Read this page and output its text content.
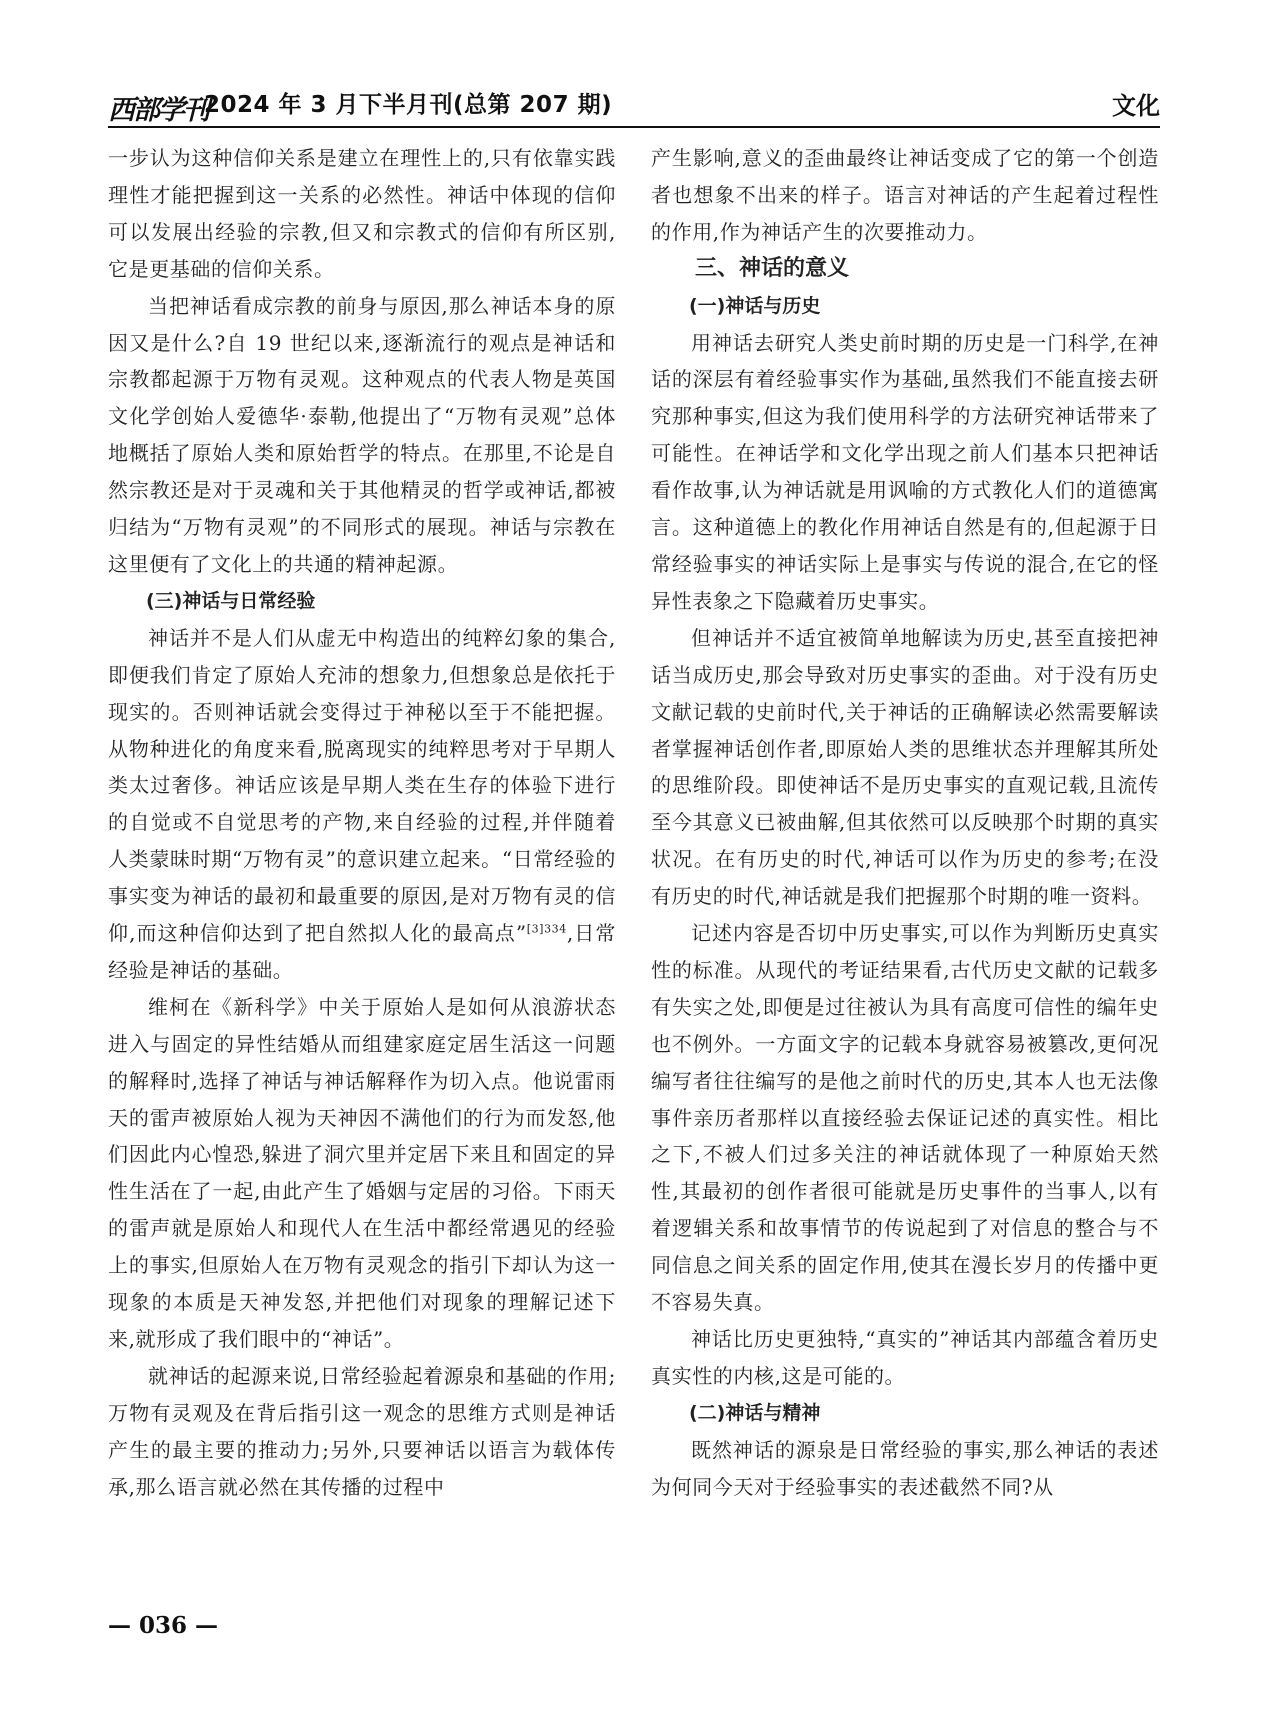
西部学刊
2024 年 3 月下半月刊(总第 207 期)	文化

一步认为这种信仰关系是建立在理性上的,只有依靠实践理性才能把握到这一关系的必然性。神话中体现的信仰可以发展出经验的宗教,但又和宗教式的信仰有所区别,它是更基础的信仰关系。

当把神话看成宗教的前身与原因,那么神话本身的原因又是什么?自 19 世纪以来,逐渐流行的观点是神话和宗教都起源于万物有灵观。这种观点的代表人物是英国文化学创始人爱德华·泰勒,他提出了“万物有灵观”总体地概括了原始人类和原始哲学的特点。在那里,不论是自然宗教还是对于灵魂和关于其他精灵的哲学或神话,都被归结为“万物有灵观”的不同形式的展现。神话与宗教在这里便有了文化上的共通的精神起源。

(三)神话与日常经验

神话并不是人们从虚无中构造出的纯粹幻象的集合,即便我们肯定了原始人充沛的想象力,但想象总是依托于现实的。否则神话就会变得过于神秘以至于不能把握。从物种进化的角度来看,脱离现实的纯粹思考对于早期人类太过奢侈。神话应该是早期人类在生存的体验下进行的自觉或不自觉思考的产物,来自经验的过程,并伴随着人类蒙昧时期“万物有灵”的意识建立起来。“日常经验的事实变为神话的最初和最重要的原因,是对万物有灵的信仰,而这种信仰达到了把自然拟人化的最高点”$^{[3]334}$,日常经验是神话的基础。

维柯在《新科学》中关于原始人是如何从浪游状态进入与固定的异性结婚从而组建家庭定居生活这一问题的解释时,选择了神话与神话解释作为切入点。他说雷雨天的雷声被原始人视为天神因不满他们的行为而发怒,他们因此内心惶恐,躲进了洞穴里并定居下来且和固定的异性生活在了一起,由此产生了婚姻与定居的习俗。下雨天的雷声就是原始人和现代人在生活中都经常遇见的经验上的事实,但原始人在万物有灵观念的指引下却认为这一现象的本质是天神发怒,并把他们对现象的理解记述下来,就形成了我们眼中的“神话”。

就神话的起源来说,日常经验起着源泉和基础的作用;万物有灵观及在背后指引这一观念的思维方式则是神话产生的最主要的推动力;另外,只要神话以语言为载体传承,那么语言就必然在其传播的过程中

产生影响,意义的歪曲最终让神话变成了它的第一个创造者也想象不出来的样子。语言对神话的产生起着过程性的作用,作为神话产生的次要推动力。

三、神话的意义
(一)神话与历史

用神话去研究人类史前时期的历史是一门科学,在神话的深层有着经验事实作为基础,虽然我们不能直接去研究那种事实,但这为我们使用科学的方法研究神话带来了可能性。在神话学和文化学出现之前人们基本只把神话看作故事,认为神话就是用讽喻的方式教化人们的道德寓言。这种道德上的教化作用神话自然是有的,但起源于日常经验事实的神话实际上是事实与传说的混合,在它的怪异性表象之下隐藏着历史事实。

但神话并不适宜被简单地解读为历史,甚至直接把神话当成历史,那会导致对历史事实的歪曲。对于没有历史文献记载的史前时代,关于神话的正确解读必然需要解读者掌握神话创作者,即原始人类的思维状态并理解其所处的思维阶段。即使神话不是历史事实的直观记载,且流传至今其意义已被曲解,但其依然可以反映那个时期的真实状况。在有历史的时代,神话可以作为历史的参考;在没有历史的时代,神话就是我们把握那个时期的唯一资料。

记述内容是否切中历史事实,可以作为判断历史真实性的标准。从现代的考证结果看,古代历史文献的记载多有失实之处,即便是过往被认为具有高度可信性的编年史也不例外。一方面文字的记载本身就容易被篡改,更何况编写者往往编写的是他之前时代的历史,其本人也无法像事件亲历者那样以直接经验去保证记述的真实性。相比之下,不被人们过多关注的神话就体现了一种原始天然性,其最初的创作者很可能就是历史事件的当事人,以有着逻辑关系和故事情节的传说起到了对信息的整合与不同信息之间关系的固定作用,使其在漫长岁月的传播中更不容易失真。

神话比历史更独特,“真实的”神话其内部蕴含着历史真实性的内核,这是可能的。

(二)神话与精神

既然神话的源泉是日常经验的事实,那么神话的表述为何同今天对于经验事实的表述截然不同?从

— 036 —
